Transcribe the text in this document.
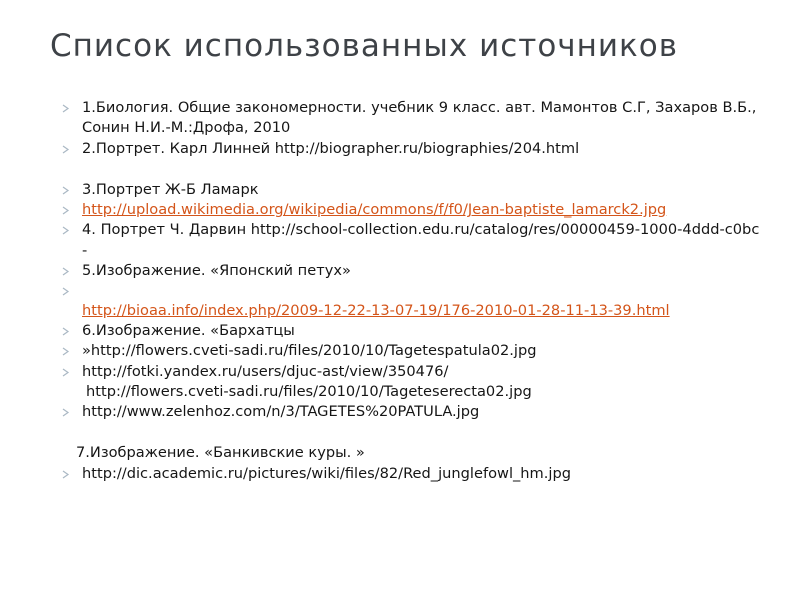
Список использованных источников
1.Биология. Общие закономерности. учебник 9 класс. авт. Мамонтов С.Г, Захаров В.Б., Сонин Н.И.-М.:Дрофа, 2010
2.Портрет. Карл Линней http://biographer.ru/biographies/204.html
3.Портрет Ж-Б Ламарк
http://upload.wikimedia.org/wikipedia/commons/f/f0/Jean-baptiste_lamarck2.jpg
4. Портрет Ч. Дарвин http://school-collection.edu.ru/catalog/res/00000459-1000-4ddd-c0bc-
5.Изображение. «Японский петух»

http://bioaa.info/index.php/2009-12-22-13-07-19/176-2010-01-28-11-13-39.html
6.Изображение. «Бархатцы
»http://flowers.cveti-sadi.ru/files/2010/10/Tagetespatula02.jpg
http://fotki.yandex.ru/users/djuc-ast/view/350476/
http://flowers.cveti-sadi.ru/files/2010/10/Tageteserecta02.jpg
http://www.zelenhoz.com/n/3/TAGETES%20PATULA.jpg
7.Изображение. «Банкивские куры. »
http://dic.academic.ru/pictures/wiki/files/82/Red_junglefowl_hm.jpg
